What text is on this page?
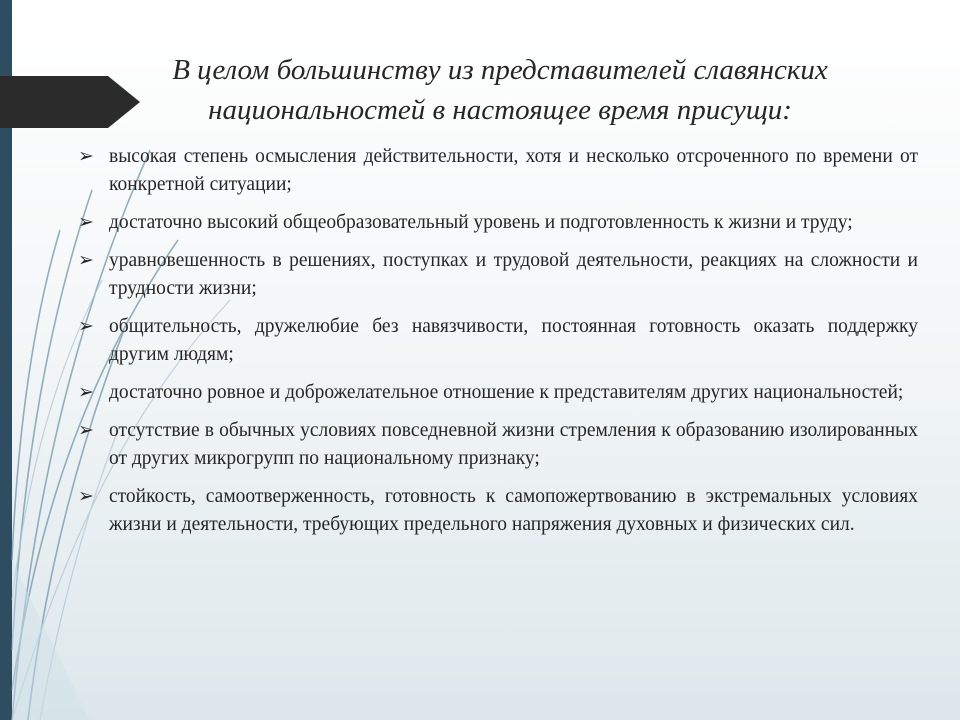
В целом большинству из представителей славянских национальностей в настоящее время присущи:
➢ высокая степень осмысления действительности, хотя и несколько отсроченного по времени от конкретной ситуации;
➢ достаточно высокий общеобразовательный уровень и подготовленность к жизни и труду;
➢ уравновешенность в решениях, поступках и трудовой деятельности, реакциях на сложности и трудности жизни;
➢ общительность, дружелюбие без навязчивости, постоянная готовность оказать поддержку другим людям;
➢ достаточно ровное и доброжелательное отношение к представителям других национальностей;
➢ отсутствие в обычных условиях повседневной жизни стремления к образованию изолированных от других микрогрупп по национальному признаку;
➢ стойкость, самоотверженность, готовность к самопожертвованию в экстремальных условиях жизни и деятельности, требующих предельного напряжения духовных и физических сил.
